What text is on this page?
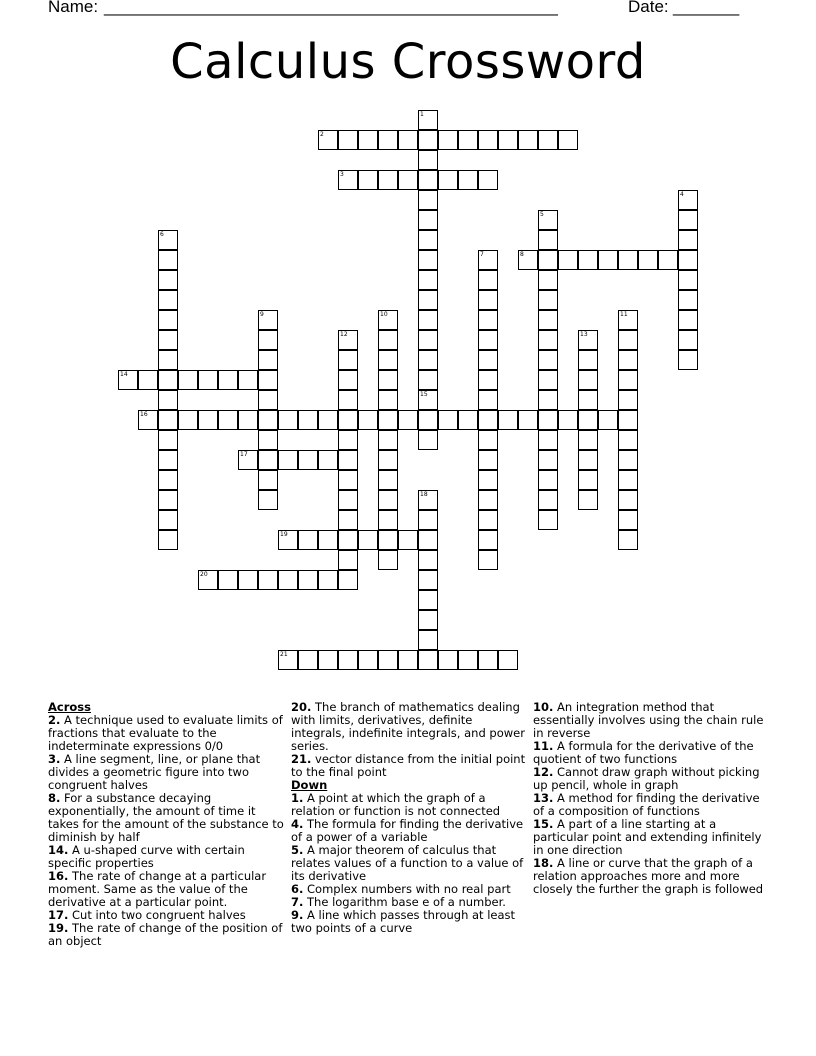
Name: ________________________________________________	Date: _______
Calculus Crossword
2
3
8
14
16
17
19
20
21
1
4
5
6
7
9	10	11
12	13
15
18

Across

2. A technique used to evaluate limits of fractions that evaluate to the indeterminate expressions 0/0

3. A line segment, line, or plane that divides a geometric figure into two congruent halves

8. For a substance decaying exponentially, the amount of time it takes for the amount of the substance to diminish by half

14. A u-shaped curve with certain specific properties

16. The rate of change at a particular moment. Same as the value of the derivative at a particular point.

17. Cut into two congruent halves

19. The rate of change of the position of an object

20. The branch of mathematics dealing with limits, derivatives, definite integrals, indefinite integrals, and power series.

21. vector distance from the initial point to the final point

Down

1. A point at which the graph of a relation or function is not connected

4. The formula for finding the derivative of a power of a variable

5. A major theorem of calculus that relates values of a function to a value of its derivative

6. Complex numbers with no real part

7. The logarithm base e of a number.

9. A line which passes through at least two points of a curve

10. An integration method that essentially involves using the chain rule in reverse

11. A formula for the derivative of the quotient of two functions

12. Cannot draw graph without picking up pencil, whole in graph

13. A method for finding the derivative of a composition of functions

15. A part of a line starting at a particular point and extending infinitely in one direction

18. A line or curve that the graph of a relation approaches more and more closely the further the graph is followed
